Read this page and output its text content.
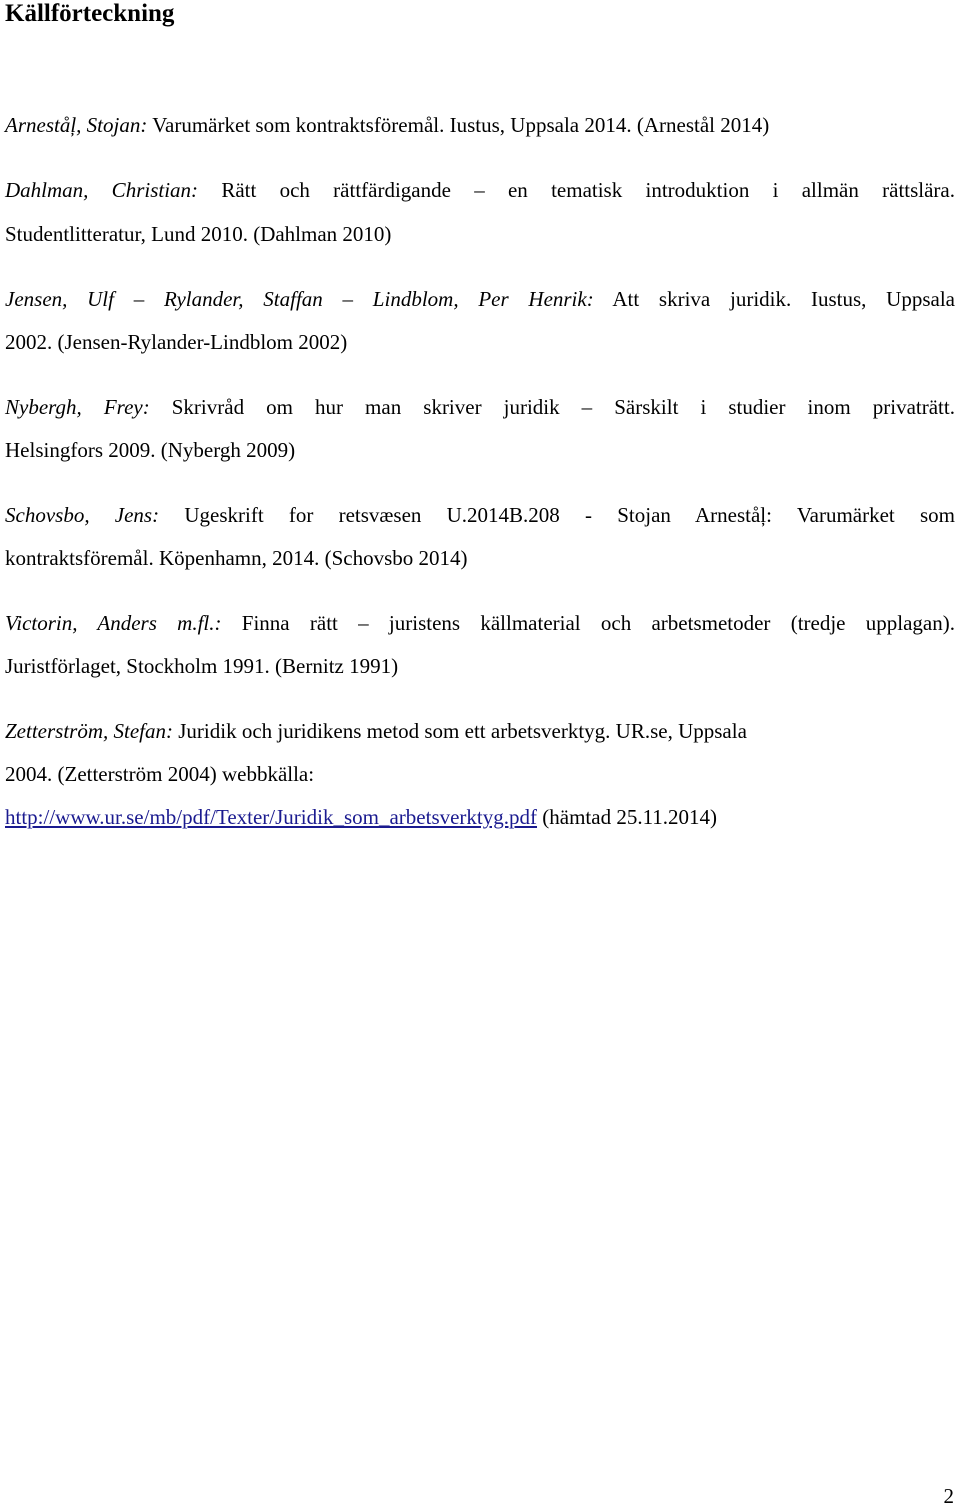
Källförteckning
Arneståļ, Stojan: Varumärket som kontraktsföremål. Iustus, Uppsala 2014. (Arnestål 2014)
Dahlman, Christian: Rätt och rättfärdigande – en tematisk introduktion i allmän rättslära.
Studentlitteratur, Lund 2010. (Dahlman 2010)
Jensen, Ulf – Rylander, Staffan – Lindblom, Per Henrik: Att skriva juridik. Iustus, Uppsala
2002. (Jensen-Rylander-Lindblom 2002)
Nybergh, Frey: Skrivråd om hur man skriver juridik – Särskilt i studier inom privaträtt.
Helsingfors 2009. (Nybergh 2009)
Schovsbo, Jens: Ugeskrift for retsvæsen U.2014B.208 - Stojan Arneståļ: Varumärket som
kontraktsföremål. Köpenhamn, 2014. (Schovsbo 2014)
Victorin, Anders m.fl.: Finna rätt – juristens källmaterial och arbetsmetoder (tredje upplagan).
Juristförlaget, Stockholm 1991. (Bernitz 1991)
Zetterström, Stefan: Juridik och juridikens metod som ett arbetsverktyg. UR.se, Uppsala
2004. (Zetterström 2004) webbkälla:
http://www.ur.se/mb/pdf/Texter/Juridik_som_arbetsverktyg.pdf (hämtad 25.11.2014)
2
